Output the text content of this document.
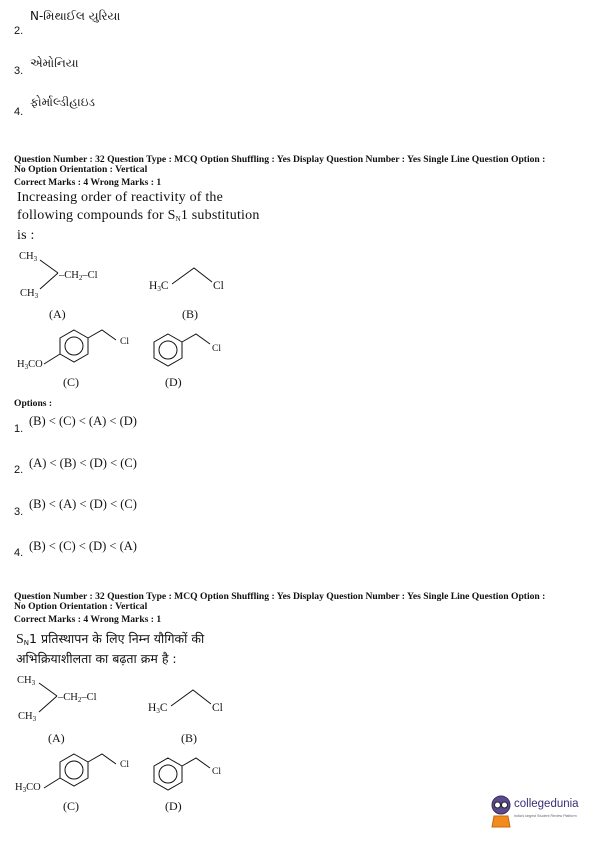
2.
N-મિથાઈલ યુરિયા
3.
એમોનિયા
4.
ફોર્માલ્ડીહાઇડ
Question Number : 32 Question Type : MCQ Option Shuffling : Yes Display Question Number : Yes Single Line Question Option :
No Option Orientation : Vertical
Correct Marks : 4 Wrong Marks : 1
Increasing order of reactivity of the
following compounds for $S_N1$ substitution
is :
$CH_3$
$CH_3$
$-CH_2-Cl$
(A)
$H_3C$	Cl
(B)
$H_3CO$
Cl
(C)
Cl
(D)
Options :
1.
(B) < (C) < (A) < (D)
2. (A) < (B) < (D) < (C)
3.
(B) < (A) < (D) < (C)
4. (B) < (C) < (D) < (A)
Question Number : 32 Question Type : MCQ Option Shuffling : Yes Display Question Number : Yes Single Line Question Option :
No Option Orientation : Vertical
Correct Marks : 4 Wrong Marks : 1
$S_N1$ प्रतिस्थापन के लिए निम्न यौगिकों की
अभिक्रियाशीलता का बढ़ता क्रम है :
$CH_3$
$CH_3$
$-CH_2-Cl$
(A)
$H_3C$	Cl
(B)
$H_3CO$
Cl
(C)
Cl
(D)	collegedunia
India's largest Student Review Platform
